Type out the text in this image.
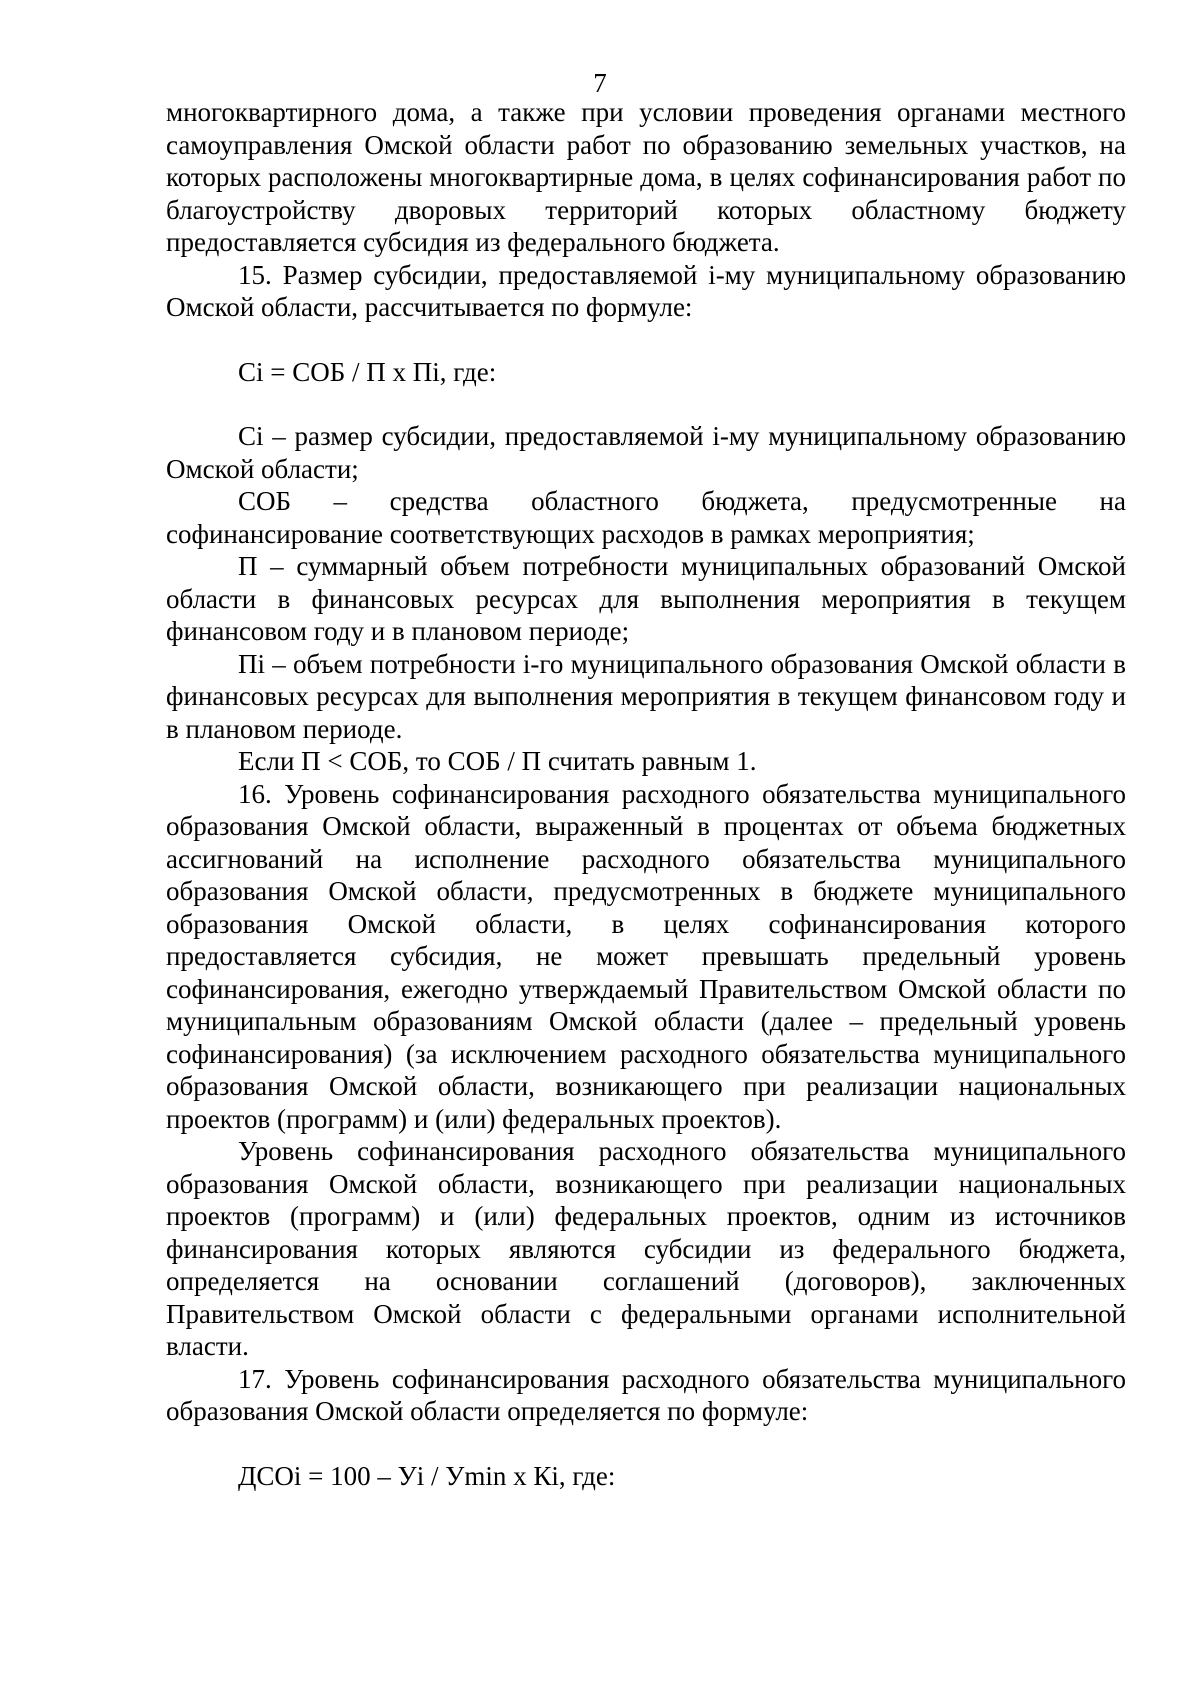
7

многоквартирного дома, а также при условии проведения органами местного самоуправления Омской области работ по образованию земельных участков, на которых расположены многоквартирные дома, в целях софинансирования работ по благоустройству дворовых территорий которых областному бюджету предоставляется субсидия из федерального бюджета.

15. Размер субсидии, предоставляемой i-му муниципальному образованию Омской области, рассчитывается по формуле:

Ci = СОБ / П х Пi, где:

Ci – размер субсидии, предоставляемой i-му муниципальному образованию Омской области;

СОБ – средства областного бюджета, предусмотренные на софинансирование соответствующих расходов в рамках мероприятия;

П – суммарный объем потребности муниципальных образований Омской области в финансовых ресурсах для выполнения мероприятия в текущем финансовом году и в плановом периоде;

Пi – объем потребности i-го муниципального образования Омской области в финансовых ресурсах для выполнения мероприятия в текущем финансовом году и в плановом периоде.

Если П < СОБ, то СОБ / П считать равным 1.

16. Уровень софинансирования расходного обязательства муниципального образования Омской области, выраженный в процентах от объема бюджетных ассигнований на исполнение расходного обязательства муниципального образования Омской области, предусмотренных в бюджете муниципального образования Омской области, в целях софинансирования которого предоставляется субсидия, не может превышать предельный уровень софинансирования, ежегодно утверждаемый Правительством Омской области по муниципальным образованиям Омской области (далее – предельный уровень софинансирования) (за исключением расходного обязательства муниципального образования Омской области, возникающего при реализации национальных проектов (программ) и (или) федеральных проектов).

Уровень софинансирования расходного обязательства муниципального образования Омской области, возникающего при реализации национальных проектов (программ) и (или) федеральных проектов, одним из источников финансирования которых являются субсидии из федерального бюджета, определяется на основании соглашений (договоров), заключенных Правительством Омской области с федеральными органами исполнительной власти.

17. Уровень софинансирования расходного обязательства муниципального образования Омской области определяется по формуле:

ДСОi = 100 – Уi / Уmin х Кi, где:
